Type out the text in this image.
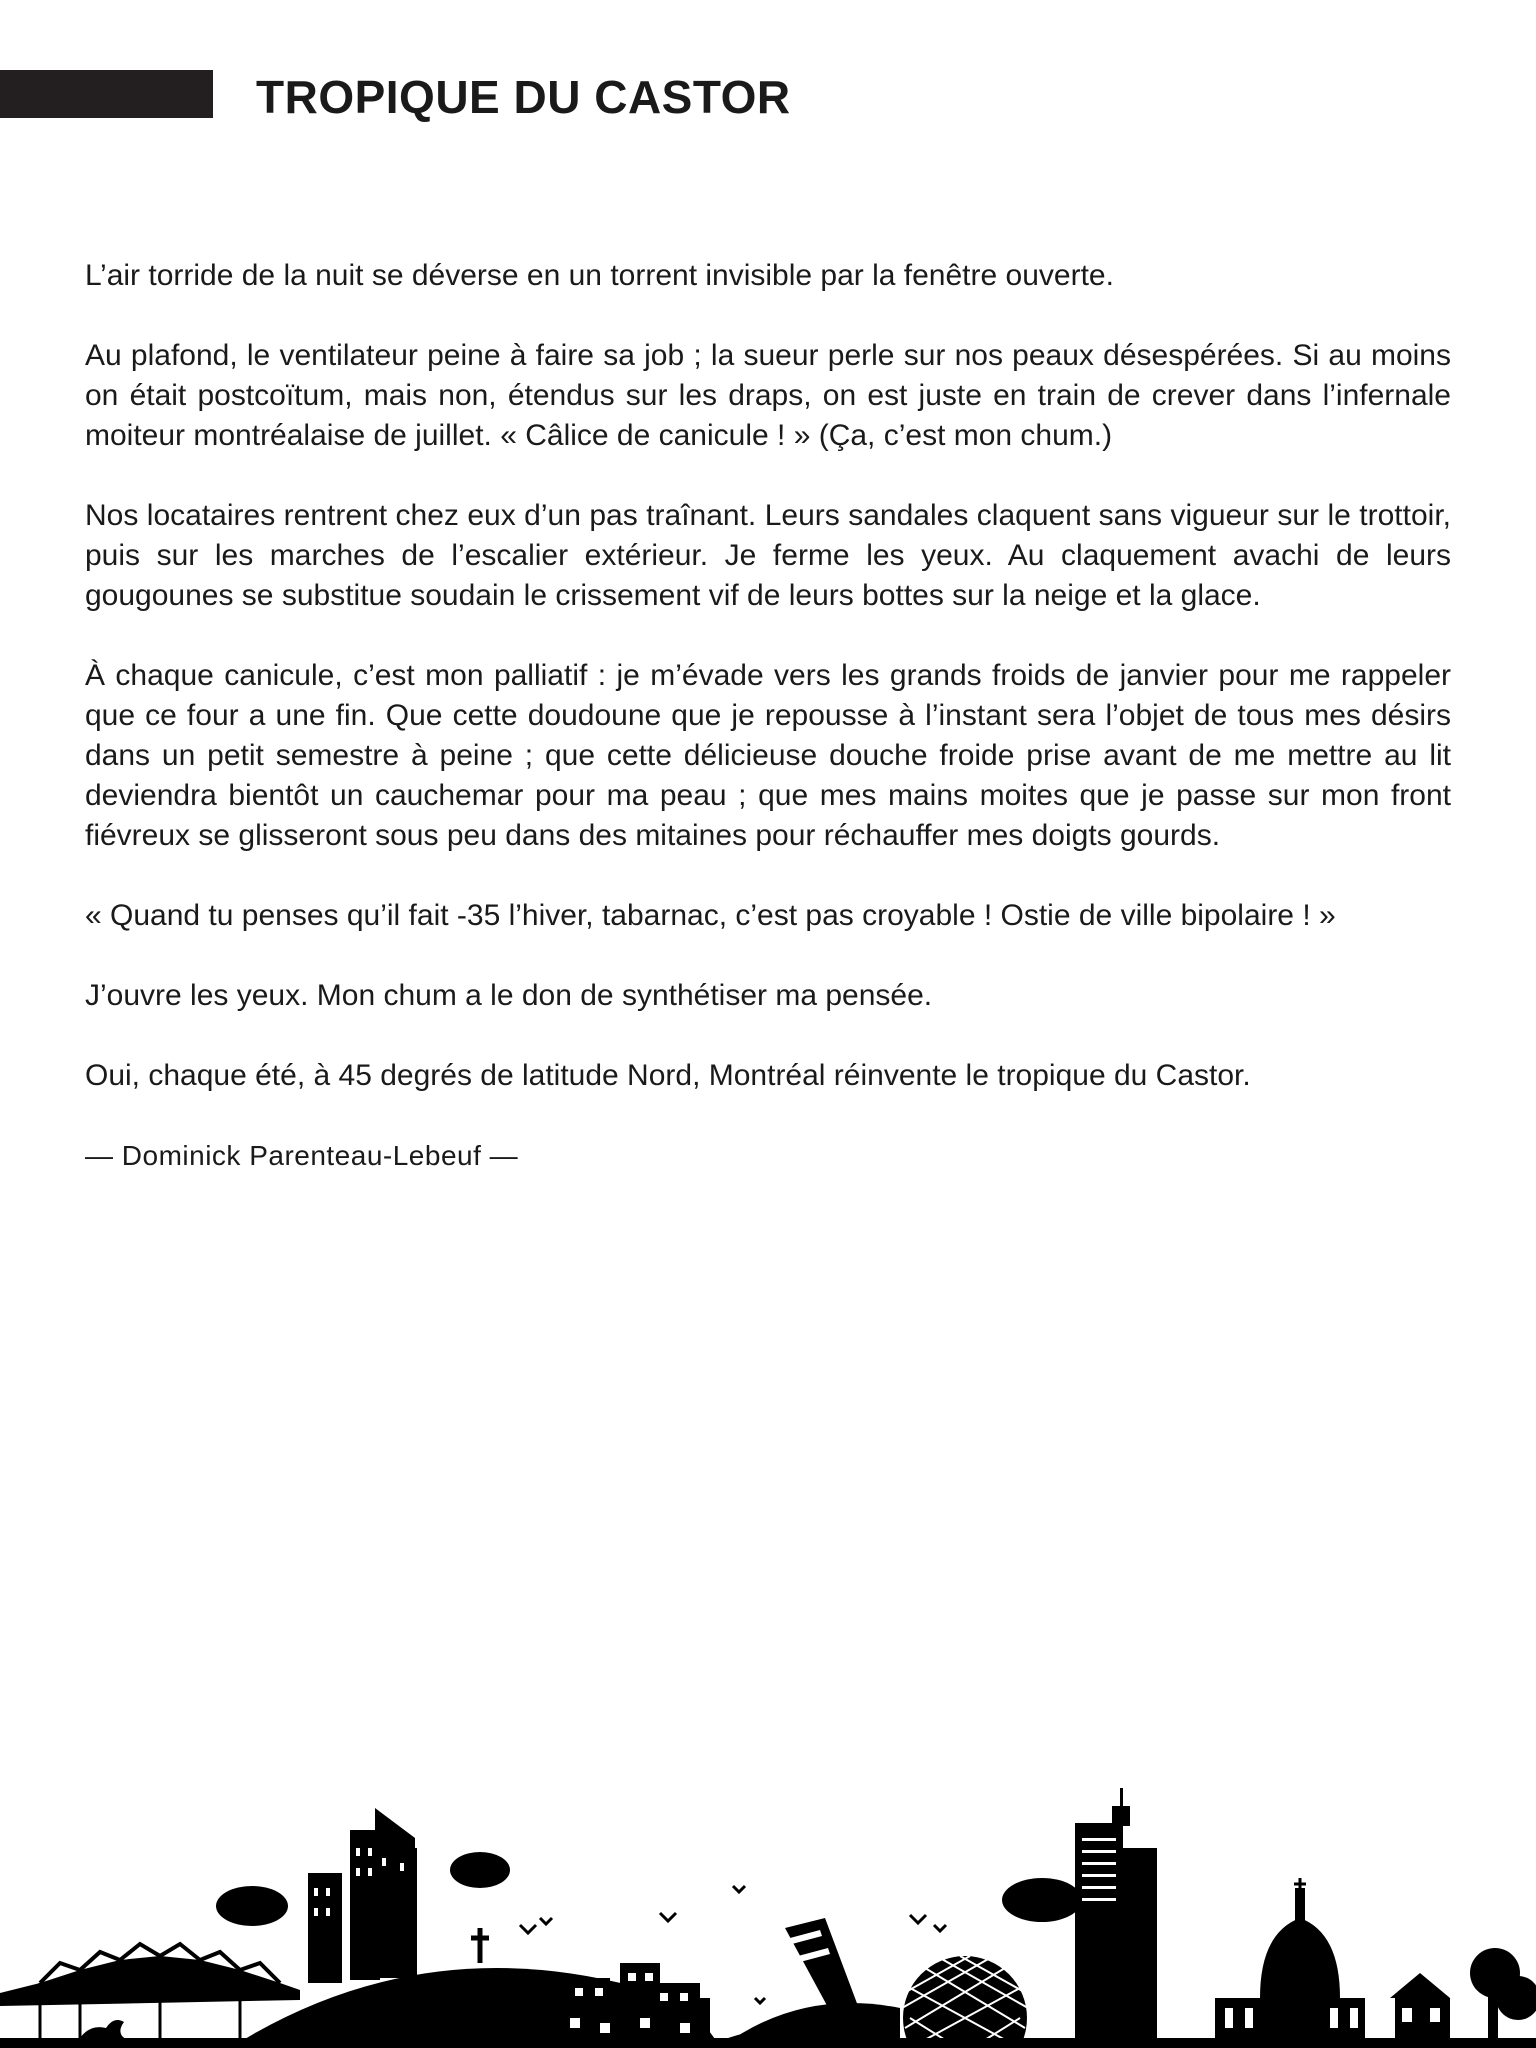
TROPIQUE DU CASTOR

L’air torride de la nuit se déverse en un torrent invisible par la fenêtre ouverte.

Au plafond, le ventilateur peine à faire sa job ; la sueur perle sur nos peaux désespérées. Si au moins on était postcoïtum, mais non, étendus sur les draps, on est juste en train de crever dans l’infernale moiteur montréalaise de juillet. « Câlice de canicule ! » (Ça, c’est mon chum.)

Nos locataires rentrent chez eux d’un pas traînant. Leurs sandales claquent sans vigueur sur le trottoir, puis sur les marches de l’escalier extérieur. Je ferme les yeux. Au claquement avachi de leurs gougounes se substitue soudain le crissement vif de leurs bottes sur la neige et la glace.

À chaque canicule, c’est mon palliatif : je m’évade vers les grands froids de janvier pour me rappeler que ce four a une fin. Que cette doudoune que je repousse à l’instant sera l’objet de tous mes désirs dans un petit semestre à peine ; que cette délicieuse douche froide prise avant de me mettre au lit deviendra bientôt un cauchemar pour ma peau ; que mes mains moites que je passe sur mon front fiévreux se glisseront sous peu dans des mitaines pour réchauffer mes doigts gourds.

« Quand tu penses qu’il fait -35 l’hiver, tabarnac, c’est pas croyable ! Ostie de ville bipolaire ! »

J’ouvre les yeux. Mon chum a le don de synthétiser ma pensée.

Oui, chaque été, à 45 degrés de latitude Nord, Montréal réinvente le tropique du Castor.

— Dominick Parenteau-Lebeuf —
